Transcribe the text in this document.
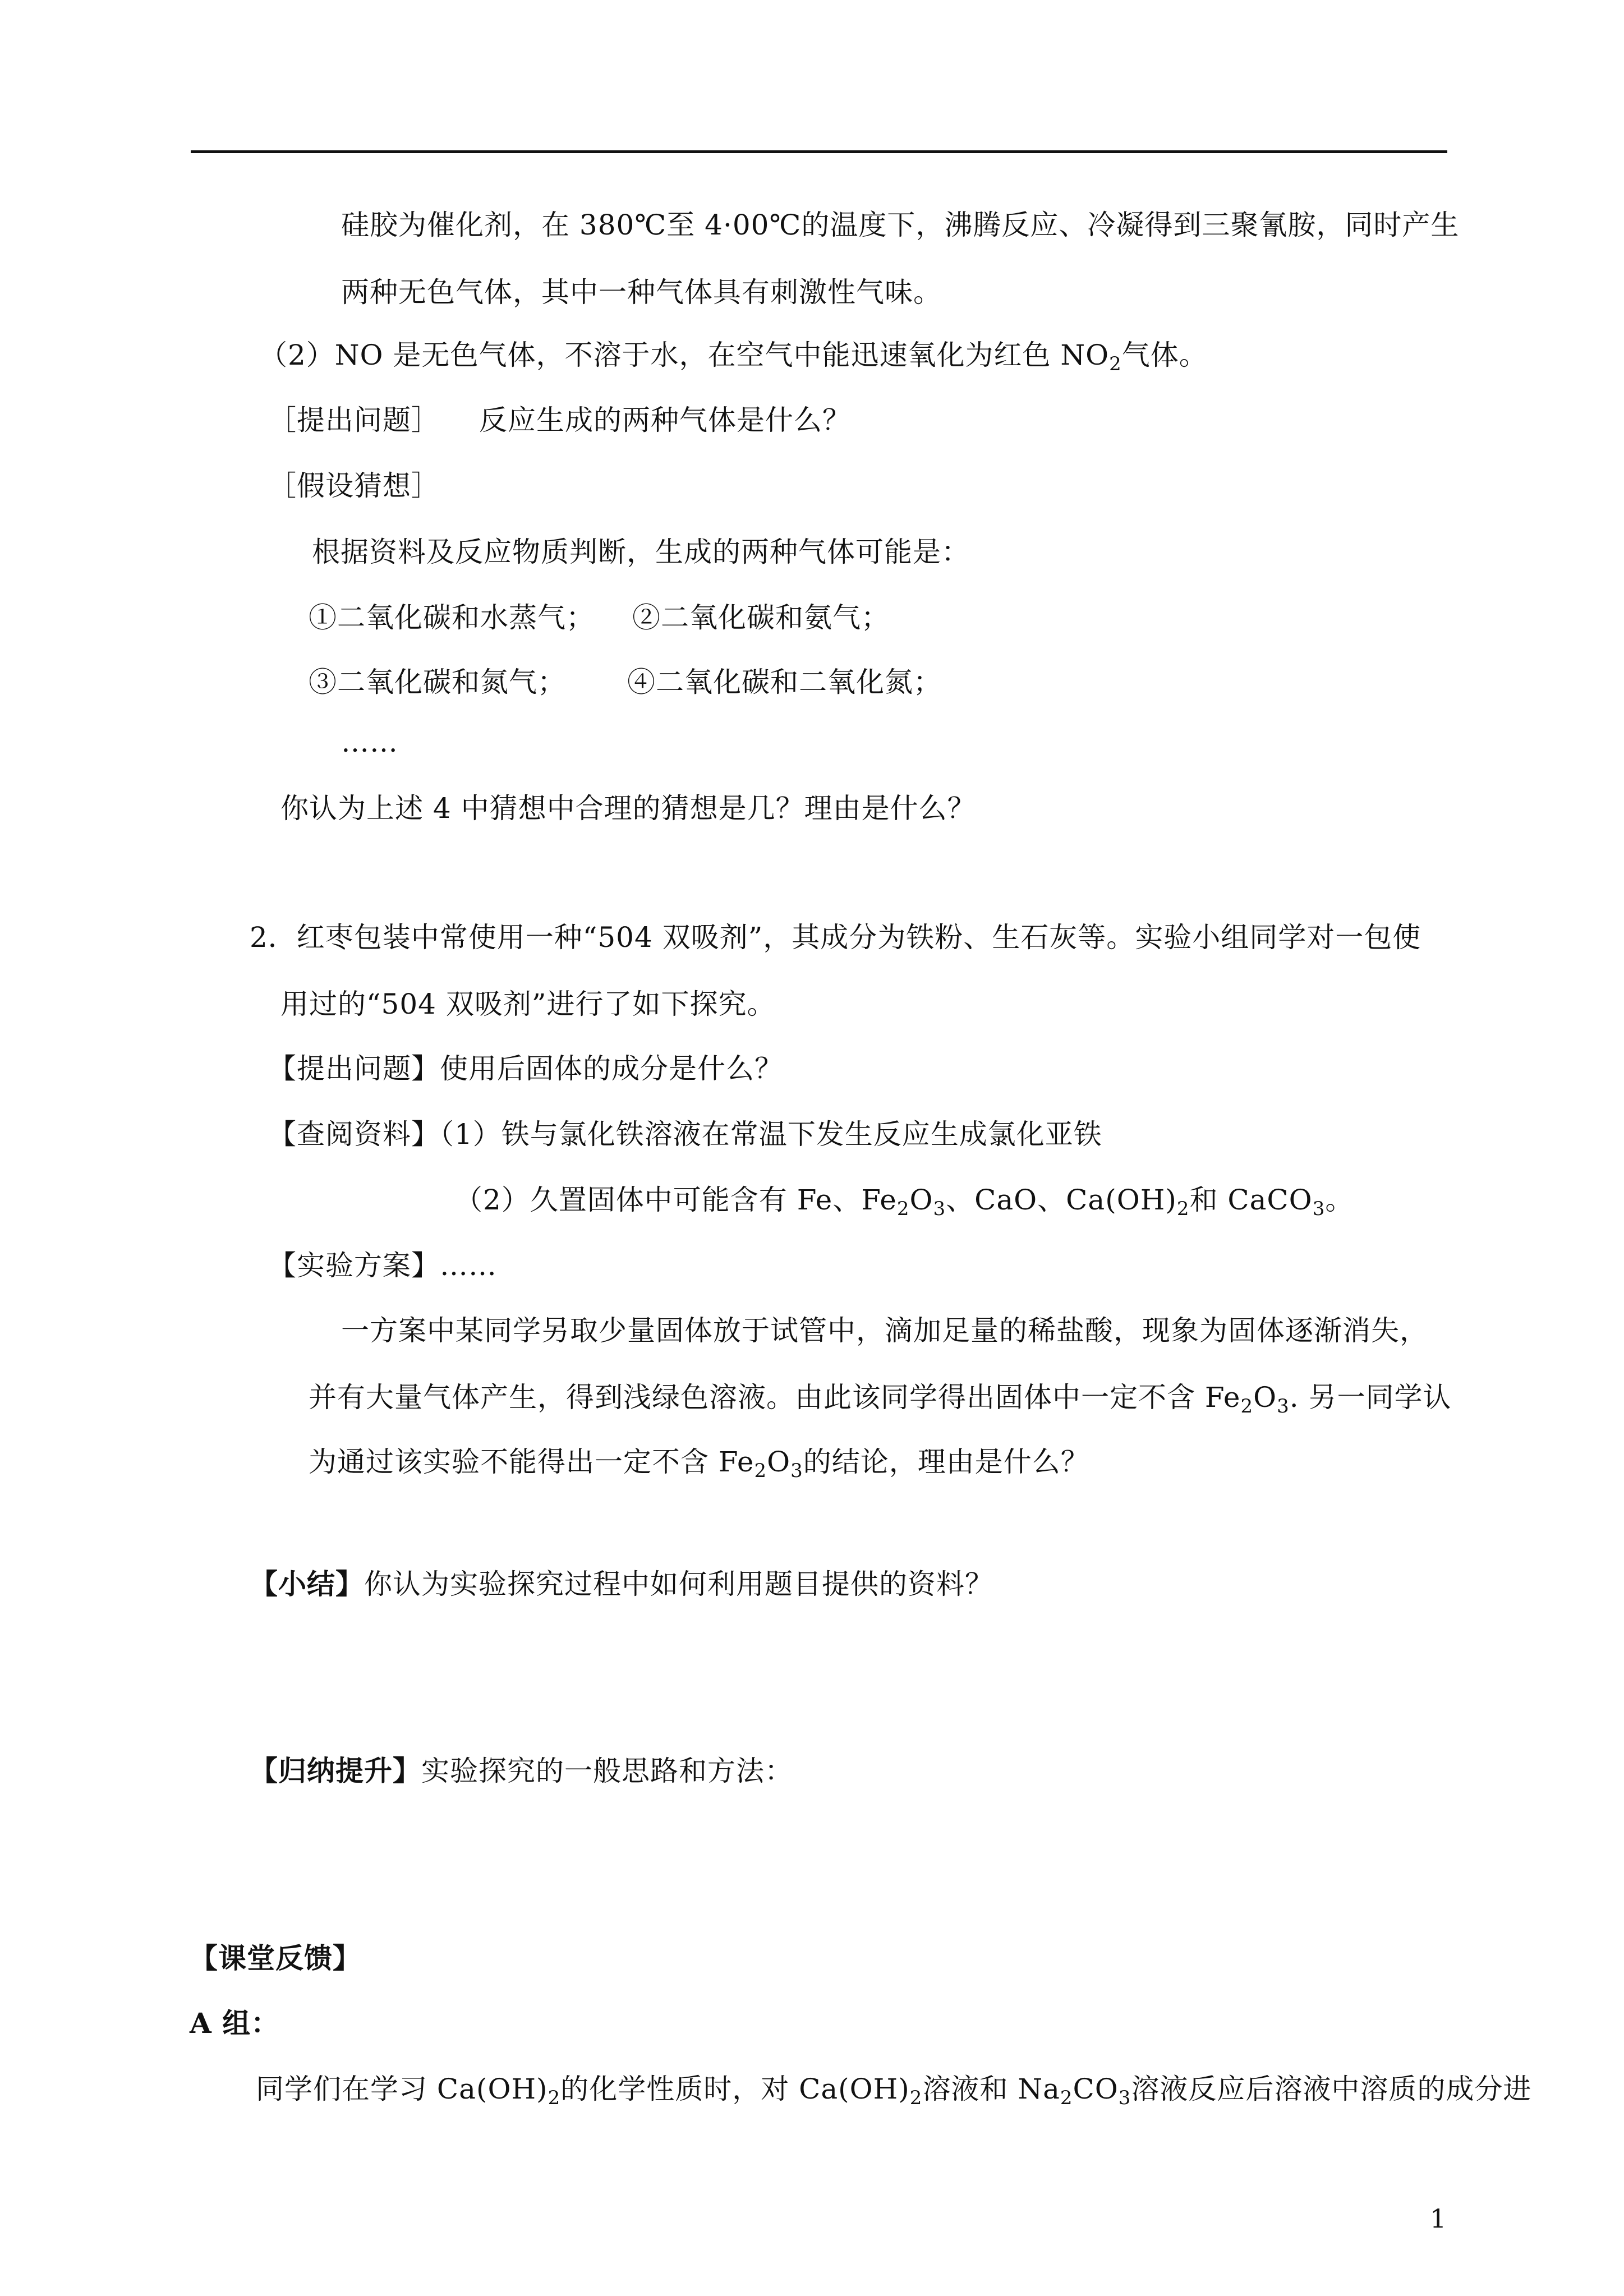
硅胶为催化剂，在 380℃至 4·00℃的温度下，沸腾反应、冷凝得到三聚氰胺，同时产生
两种无色气体，其中一种气体具有刺激性气味。
（2）NO 是无色气体，不溶于水，在空气中能迅速氧化为红色 $NO_2$气体。
［提出问题］ 反应生成的两种气体是什么？
［假设猜想］
根据资料及反应物质判断，生成的两种气体可能是：
①二氧化碳和水蒸气； ②二氧化碳和氨气；
③二氧化碳和氮气； ④二氧化碳和二氧化氮；
……
你认为上述 4 中猜想中合理的猜想是几？理由是什么？
2．红枣包装中常使用一种“504 双吸剂”，其成分为铁粉、生石灰等。实验小组同学对一包使
用过的“504 双吸剂”进行了如下探究。
【提出问题】使用后固体的成分是什么？
【查阅资料】（1）铁与氯化铁溶液在常温下发生反应生成氯化亚铁
（2）久置固体中可能含有 Fe、$Fe_2O_3$、CaO、$Ca(OH)_2$和 CaCO$_3$。
【实验方案】……
一方案中某同学另取少量固体放于试管中，滴加足量的稀盐酸，现象为固体逐渐消失，
并有大量气体产生，得到浅绿色溶液。由此该同学得出固体中一定不含 $Fe_2O_3$. 另一同学认
为通过该实验不能得出一定不含 $Fe_2O_3$的结论，理由是什么？
【小结】你认为实验探究过程中如何利用题目提供的资料？
【归纳提升】实验探究的一般思路和方法：
【课堂反馈】
A 组：
同学们在学习 $Ca(OH)_2$的化学性质时，对 $Ca(OH)_2$溶液和 $Na_2CO_3$溶液反应后溶液中溶质的成分进
1
